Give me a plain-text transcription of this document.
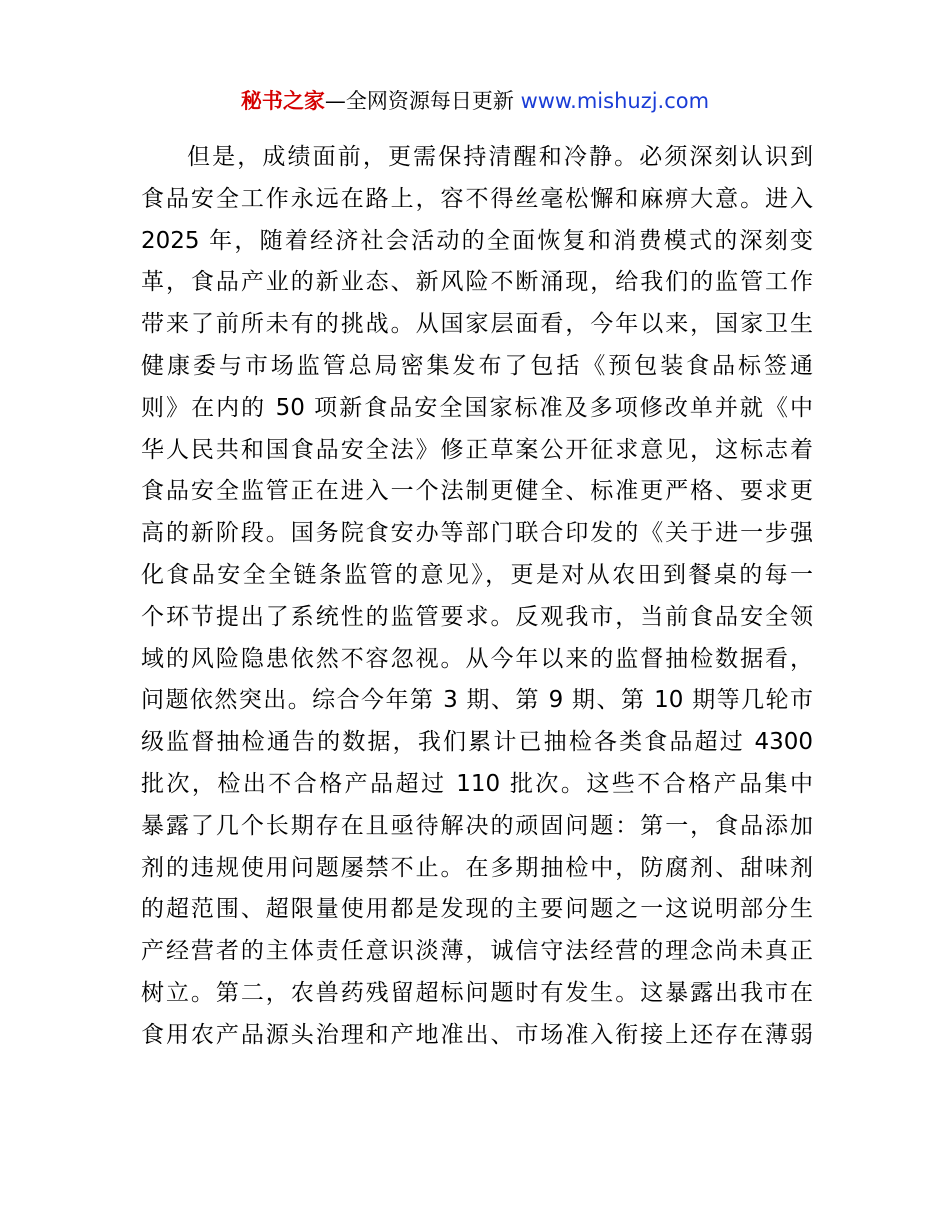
秘书之家—全网资源每日更新 www.mishuzj.com
但是，成绩面前，更需保持清醒和冷静。必须深刻认识到
食品安全工作永远在路上，容不得丝毫松懈和麻痹大意。进入
2025 年，随着经济社会活动的全面恢复和消费模式的深刻变
革，食品产业的新业态、新风险不断涌现，给我们的监管工作
带来了前所未有的挑战。从国家层面看，今年以来，国家卫生
健康委与市场监管总局密集发布了包括《预包装食品标签通
则》在内的 50 项新食品安全国家标准及多项修改单并就《中
华人民共和国食品安全法》修正草案公开征求意见，这标志着
食品安全监管正在进入一个法制更健全、标准更严格、要求更
高的新阶段。国务院食安办等部门联合印发的《关于进一步强
化食品安全全链条监管的意见》，更是对从农田到餐桌的每一
个环节提出了系统性的监管要求。反观我市，当前食品安全领
域的风险隐患依然不容忽视。从今年以来的监督抽检数据看，
问题依然突出。综合今年第 3 期、第 9 期、第 10 期等几轮市
级监督抽检通告的数据，我们累计已抽检各类食品超过 4300
批次，检出不合格产品超过 110 批次。这些不合格产品集中
暴露了几个长期存在且亟待解决的顽固问题：第一，食品添加
剂的违规使用问题屡禁不止。在多期抽检中，防腐剂、甜味剂
的超范围、超限量使用都是发现的主要问题之一这说明部分生
产经营者的主体责任意识淡薄，诚信守法经营的理念尚未真正
树立。第二，农兽药残留超标问题时有发生。这暴露出我市在
食用农产品源头治理和产地准出、市场准入衔接上还存在薄弱
